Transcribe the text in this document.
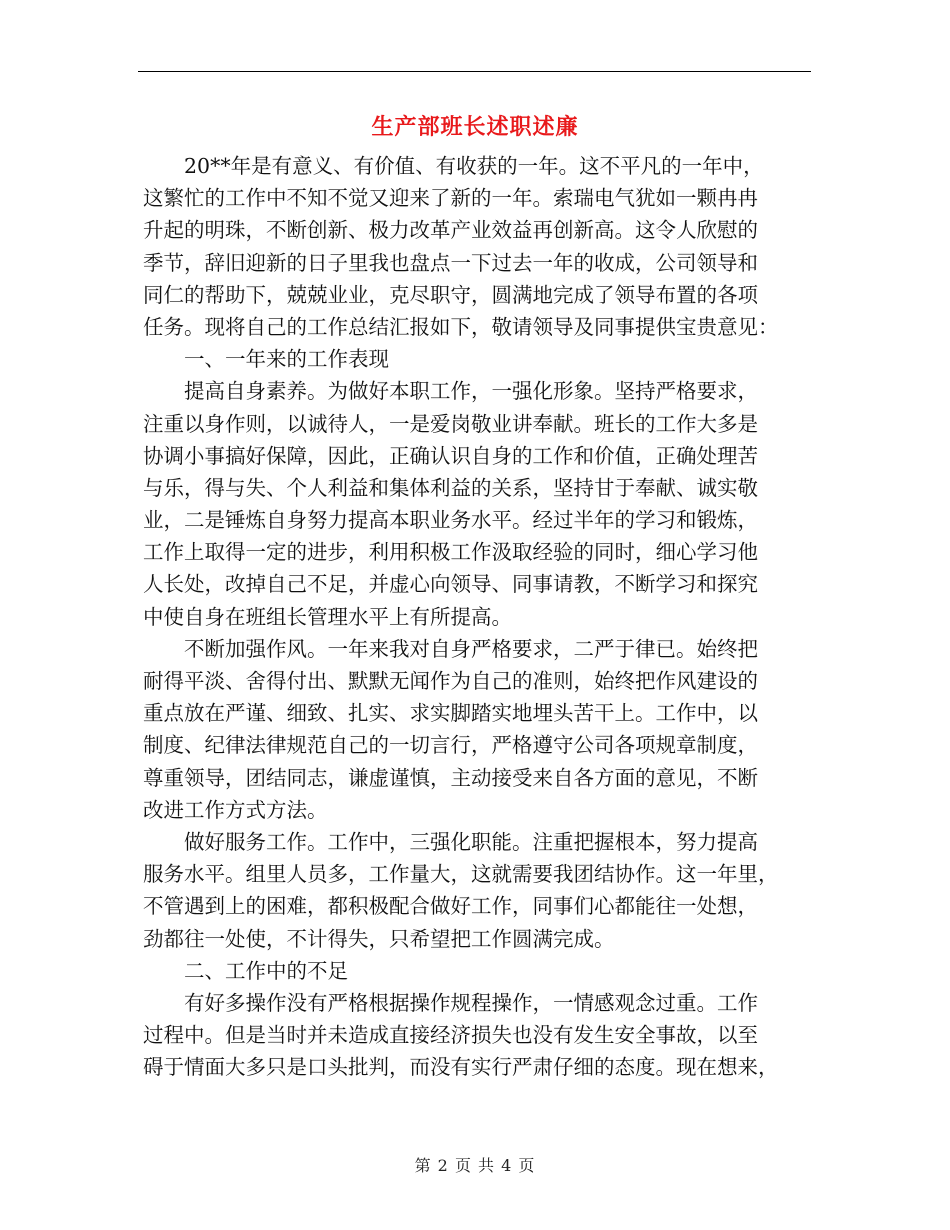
生产部班长述职述廉
　　20**年是有意义、有价值、有收获的一年。这不平凡的一年中，
这繁忙的工作中不知不觉又迎来了新的一年。索瑞电气犹如一颗冉冉
升起的明珠，不断创新、极力改革产业效益再创新高。这令人欣慰的
季节，辞旧迎新的日子里我也盘点一下过去一年的收成，公司领导和
同仁的帮助下，兢兢业业，克尽职守，圆满地完成了领导布置的各项
任务。现将自己的工作总结汇报如下，敬请领导及同事提供宝贵意见：
　　一、一年来的工作表现
　　提高自身素养。为做好本职工作，一强化形象。坚持严格要求，
注重以身作则，以诚待人，一是爱岗敬业讲奉献。班长的工作大多是
协调小事搞好保障，因此，正确认识自身的工作和价值，正确处理苦
与乐，得与失、个人利益和集体利益的关系，坚持甘于奉献、诚实敬
业，二是锤炼自身努力提高本职业务水平。经过半年的学习和锻炼，
工作上取得一定的进步，利用积极工作汲取经验的同时，细心学习他
人长处，改掉自己不足，并虚心向领导、同事请教，不断学习和探究
中使自身在班组长管理水平上有所提高。
　　不断加强作风。一年来我对自身严格要求，二严于律已。始终把
耐得平淡、舍得付出、默默无闻作为自己的准则，始终把作风建设的
重点放在严谨、细致、扎实、求实脚踏实地埋头苦干上。工作中，以
制度、纪律法律规范自己的一切言行，严格遵守公司各项规章制度，
尊重领导，团结同志，谦虚谨慎，主动接受来自各方面的意见，不断
改进工作方式方法。
　　做好服务工作。工作中，三强化职能。注重把握根本，努力提高
服务水平。组里人员多，工作量大，这就需要我团结协作。这一年里，
不管遇到上的困难，都积极配合做好工作，同事们心都能往一处想，
劲都往一处使，不计得失，只希望把工作圆满完成。
　　二、工作中的不足
　　有好多操作没有严格根据操作规程操作，一情感观念过重。工作
过程中。但是当时并未造成直接经济损失也没有发生安全事故，以至
碍于情面大多只是口头批判，而没有实行严肃仔细的态度。现在想来，
第 2 页 共 4 页
